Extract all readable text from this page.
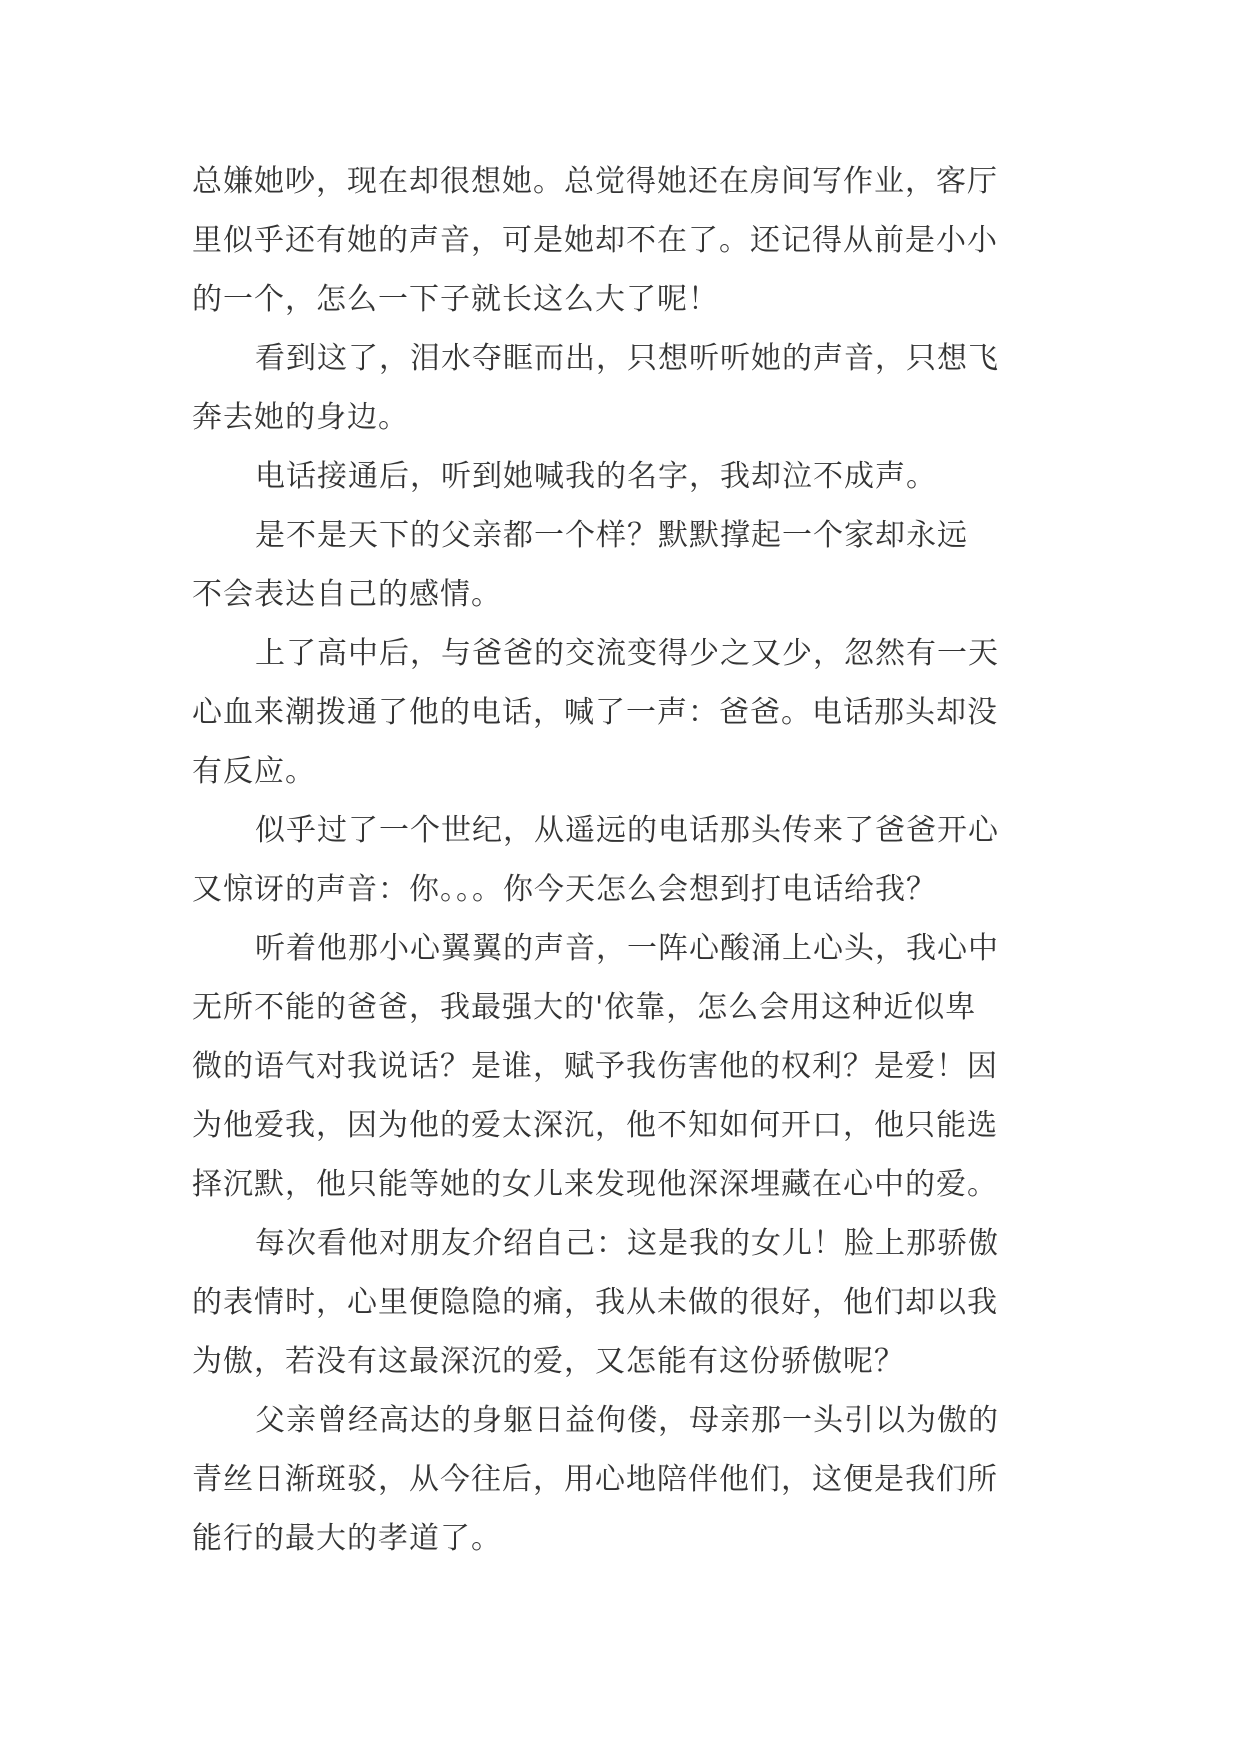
总嫌她吵，现在却很想她。总觉得她还在房间写作业，客厅
里似乎还有她的声音，可是她却不在了。还记得从前是小小
的一个，怎么一下子就长这么大了呢！
看到这了，泪水夺眶而出，只想听听她的声音，只想飞
奔去她的身边。
电话接通后，听到她喊我的名字，我却泣不成声。
是不是天下的父亲都一个样？默默撑起一个家却永远
不会表达自己的感情。
上了高中后，与爸爸的交流变得少之又少，忽然有一天
心血来潮拨通了他的电话，喊了一声：爸爸。电话那头却没
有反应。
似乎过了一个世纪，从遥远的电话那头传来了爸爸开心
又惊讶的声音：你。。。你今天怎么会想到打电话给我？
听着他那小心翼翼的声音，一阵心酸涌上心头，我心中
无所不能的爸爸，我最强大的'依靠，怎么会用这种近似卑
微的语气对我说话？是谁，赋予我伤害他的权利？是爱！因
为他爱我，因为他的爱太深沉，他不知如何开口，他只能选
择沉默，他只能等她的女儿来发现他深深埋藏在心中的爱。
每次看他对朋友介绍自己：这是我的女儿！脸上那骄傲
的表情时，心里便隐隐的痛，我从未做的很好，他们却以我
为傲，若没有这最深沉的爱，又怎能有这份骄傲呢？
父亲曾经高达的身躯日益佝偻，母亲那一头引以为傲的
青丝日渐斑驳，从今往后，用心地陪伴他们，这便是我们所
能行的最大的孝道了。
